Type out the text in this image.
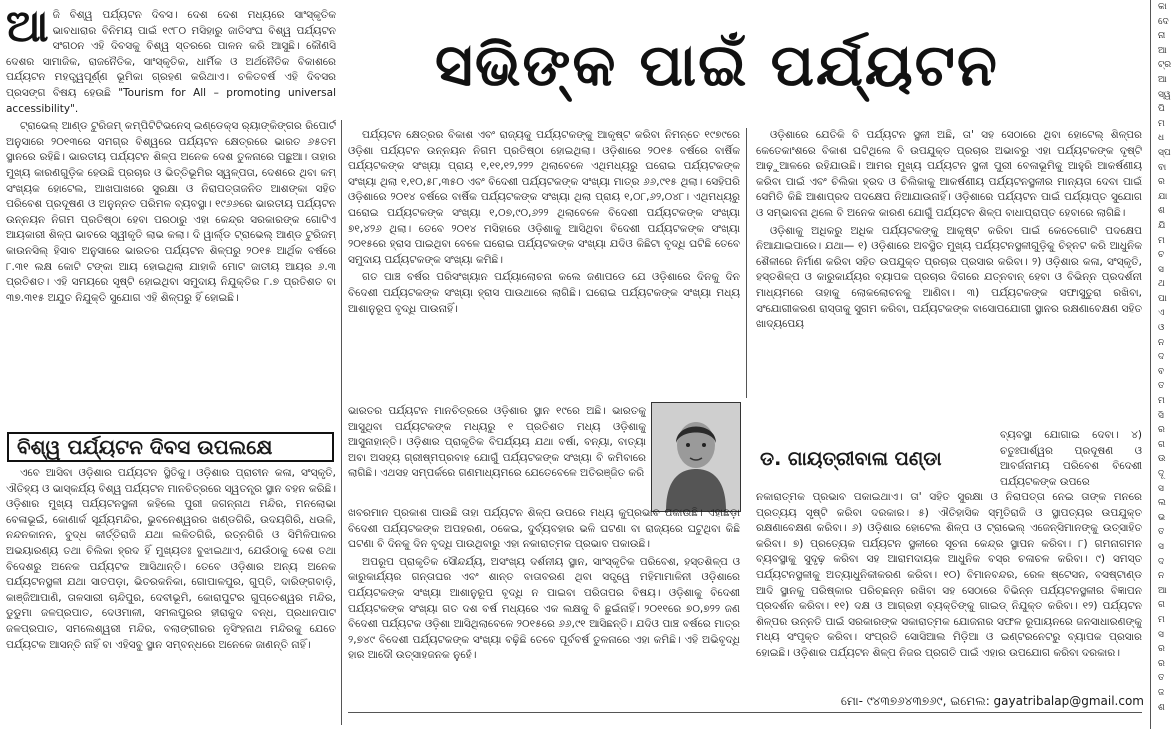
ଆ ଜି ବିଶ୍ୱ ପର୍ଯ୍ୟଟନ ଦିବସ। ଦେଶ ଦେଶ ମଧ୍ୟରେ ସାଂସ୍କୃତିକ ଭାବଧାରାର ବିନିମୟ ପାଇଁ ୧୯୮୦ ମସିହାରୁ ଜାତିସଂଘ ବିଶ୍ୱ ପର୍ଯ୍ୟଟନ ସଂଗଠନ ଏହି ଦିବସକୁ ବିଶ୍ୱ ସ୍ତରରେ ପାଳନ କରି ଆସୁଛି। କୌଣସି ଦେଶର ସାମାଜିକ, ରାଜନୈତିକ, ସାଂସ୍କୃତିକ, ଧାର୍ମିକ ଓ ଅର୍ଥନୈତିକ ବିକାଶରେ ପର୍ଯ୍ୟଟନ ମହତ୍ତ୍ୱପୂର୍ଣ୍ଣ ଭୂମିକା ଗ୍ରହଣ କରିଥାଏ। ଚଳିତବର୍ଷ ଏହି ଦିବସର ପ୍ରସଙ୍ଗ ବିଷୟ ହେଉଛି "Tourism for All – promoting universal accessibility".

ଟ୍ରାଭେଲ୍ ଆଣ୍ଡ ଟୁରିଜମ୍ କମ୍ପିଟିଟିଭନେସ୍ ଇଣ୍ଡେକ୍ସ ର୍‍ୟାଙ୍କିଙ୍ଗର ରିପୋର୍ଟ ଅନୁସାରେ ୨୦୧୩ରେ ସମଗ୍ର ବିଶ୍ୱରେ ପର୍ଯ୍ୟଟନ କ୍ଷେତ୍ରରେ ଭାରତ ୬୫ତମ ସ୍ଥାନରେ ରହିଛି। ଭାରତୀୟ ପର୍ଯ୍ୟଟନ ଶିଳ୍ପ ଅନେକ ଦେଶ ତୁଳନାରେ ପଛୁଆ। ତାହାର ମୁଖ୍ୟ କାରଣଗୁଡ଼ିକ ହେଉଛି ପ୍ରଚାର ଓ ଭିତ୍ତିଭୂମିର ସ୍ୱଳ୍ପତା, ଦେଶରେ ଥିବା କମ୍ ସଂଖ୍ୟକ ହୋଟେଲ, ଆଖପାଖରେ ସୁରକ୍ଷା ଓ ନିରାପତ୍ତାଜନିତ ଆଶଙ୍କା ସହିତ ପରିବେଶ ପ୍ରଦୂଷଣ ଓ ଅନୁନ୍ନତ ପରିମଳ ବ୍ୟବସ୍ଥା। ୧୯୬୬ରେ ଭାରତୀୟ ପର୍ଯ୍ୟଟନ ଉନ୍ନୟନ ନିଗମ ପ୍ରତିଷ୍ଠା ହେବା ପରଠାରୁ ଏହା କେନ୍ଦ୍ର ସରକାରଙ୍କ ଗୋଟିଏ ଆୟକାରୀ ଶିଳ୍ପ ଭାବରେ ସ୍ୱୀକୃତି ଲାଭ କଲା। ଦି ୱାର୍ଲ୍ଡ ଟ୍ରାଭେଲ୍ ଆଣ୍ଡ ଟୁରିଜମ୍ କାଉନସିଲ୍ ହିସାବ ଅନୁସାରେ ଭାରତର ପର୍ଯ୍ୟଟନ ଶିଳ୍ପରୁ ୨୦୧୫ ଆର୍ଥିକ ବର୍ଷରେ ୮.୩୧ ଲକ୍ଷ କୋଟି ଟଙ୍କା ଆୟ ହୋଇଥିଲା ଯାହାକି ମୋଟ ଜାତୀୟ ଆୟର ୬.୩ ପ୍ରତିଶତ। ଏହି ସମୟରେ ସୃଷ୍ଟି ହୋଇଥିବା ସମୁଦାୟ ନିଯୁକ୍ତିର ୮.୭ ପ୍ରତିଶତ ବା ୩୭.୩୧୫ ଅଯୁତ ନିଯୁକ୍ତି ସୁଯୋଗ ଏହି ଶିଳ୍ପରୁ ହିଁ ହୋଇଛି।

ବିଶ୍ୱ ପର୍ଯ୍ୟଟନ ଦିବସ ଉପଲକ୍ଷେ

ଏବେ ଆସିବା ଓଡ଼ିଶାର ପର୍ଯ୍ୟଟନ ସ୍ଥିତିକୁ। ଓଡ଼ିଶାର ପ୍ରାଚୀନ କଳା, ସଂସ୍କୃତି, ଐତିହ୍ୟ ଓ ଭାସ୍କର୍ଯ୍ୟ ବିଶ୍ୱ ପର୍ଯ୍ୟଟନ ମାନଚିତ୍ରରେ ସ୍ୱତନ୍ତ୍ର ସ୍ଥାନ ବହନ କରିଛି। ଓଡ଼ିଶାର ମୁଖ୍ୟ ପର୍ଯ୍ୟଟନସ୍ଥଳୀ କହିଲେ ପୁରୀ ଜଗନ୍ନାଥ ମନ୍ଦିର, ମନଲୋଭା ବେଳାଭୂଇଁ, କୋଣାର୍କ ସୂର୍ଯ୍ୟମନ୍ଦିର, ଭୁବନେଶ୍ୱରର ଖଣ୍ଡଗିରି, ଉଦୟଗିରି, ଧଉଳି, ନନ୍ଦନକାନନ, ବୁଦ୍ଧ କୀର୍ତ୍ତିରାଜି ଯଥା ଲଳିତଗିରି, ରତ୍ନଗିରି ଓ ସିମିଳିପାଳର ଅଭୟାରଣ୍ୟ ତଥା ଚିଲିକା ହ୍ରଦ ହିଁ ମୁଖ୍ୟତଃ ବୁଝାଇଥାଏ, ଯେଉଁଠାକୁ ଦେଶ ତଥା ବିଦେଶରୁ ଅନେକ ପର୍ଯ୍ୟଟକ ଆସିଥାନ୍ତି। ତେବେ ଓଡ଼ିଶାର ଅନ୍ୟ ଅନେକ ପର୍ଯ୍ୟଟନସ୍ଥଳୀ ଯଥା ସାତପଡ଼ା, ଭିତରକନିକା, ଗୋପାଳପୁର, ଗୁପ୍ତି, ଦାରିଙ୍ଗବାଡ଼ି, କାଞ୍ଜିଆପାଣି, ତାଳସାରୀ ଚାନ୍ଦିପୁର, ଦେବୀଭୂମି, କୋରାପୁଟର ଗୁପ୍ତେଶ୍ୱର ମନ୍ଦିର, ଡୁଡୁମା ଜଳପ୍ରପାତ, ଦେଓମାଳୀ, ସମଲପୁରର ହୀରାକୁଦ ବନ୍ଧ, ପ୍ରଧାନପାଟ ଜଳପ୍ରପାତ, ସମଲେଶ୍ୱରୀ ମନ୍ଦିର, ବଲାଙ୍ଗୀରର ନୃସିଂହନାଥ ମନ୍ଦିରକୁ ଯେତେ ପର୍ଯ୍ୟଟକ ଆସନ୍ତି ନାହିଁ ବା ଏହିସବୁ ସ୍ଥାନ ସମ୍ବନ୍ଧରେ ଅନେକେ ଜାଣନ୍ତି ନାହିଁ।

ସଭିଙ୍କ ପାଇଁ ପର୍ଯ୍ୟଟନ

ପର୍ଯ୍ୟଟନ କ୍ଷେତ୍ରର ବିକାଶ ଏବଂ ରାଜ୍ୟକୁ ପର୍ଯ୍ୟଟକଙ୍କୁ ଆକୃଷ୍ଟ କରିବା ନିମନ୍ତେ ୧୯୭୯ରେ ଓଡ଼ିଶା ପର୍ଯ୍ୟଟନ ଉନ୍ନୟନ ନିଗମ ପ୍ରତିଷ୍ଠା ହୋଇଥିଲା। ଓଡ଼ିଶାରେ ୨୦୧୫ ବର୍ଷରେ ବାର୍ଷିକ ପର୍ଯ୍ୟଟକଙ୍କ ସଂଖ୍ୟା ପ୍ରାୟ ୧,୧୧,୧୨,୨୨୨ ଥିଲାବେଳେ ଏଥିମଧ୍ୟରୁ ଘରୋଇ ପର୍ଯ୍ୟଟକଙ୍କ ସଂଖ୍ୟା ଥିଲା ୧,୧୦,୫୮,୩୫୦ ଏବଂ ବିଦେଶୀ ପର୍ଯ୍ୟଟକଙ୍କ ସଂଖ୍ୟା ମାତ୍ର ୬୬,୯୧୫ ଥିଲା। ସେହିପରି ଓଡ଼ିଶାରେ ୨୦୧୪ ବର୍ଷରେ ବାର୍ଷିକ ପର୍ଯ୍ୟଟକଙ୍କ ସଂଖ୍ୟା ଥିଲା ପ୍ରାୟ ୧,୦୮,୬୨,୦୪୮। ଏଥିମଧ୍ୟରୁ ଘରୋଇ ପର୍ଯ୍ୟଟକଙ୍କ ସଂଖ୍ୟା ୧,୦୭,୯୦,୬୨୨ ଥିଲାବେଳେ ବିଦେଶୀ ପର୍ଯ୍ୟଟକଙ୍କ ସଂଖ୍ୟା ୭୧,୪୨୬ ଥିଲା। ତେବେ ୨୦୧୪ ମସିହାରେ ଓଡ଼ିଶାକୁ ଆସିଥିବା ବିଦେଶୀ ପର୍ଯ୍ୟଟକଙ୍କ ସଂଖ୍ୟା ୨୦୧୫ରେ ହ୍ରାସ ପାଇଥିବା ବେଳେ ଘରୋଇ ପର୍ଯ୍ୟଟକଙ୍କ ସଂଖ୍ୟା ଯଦିଓ କିଛିଟା ବୃଦ୍ଧି ଘଟିଛି ତେବେ ସମୁଦାୟ ପର୍ଯ୍ୟଟକଙ୍କ ସଂଖ୍ୟା କମିଛି।

ଗତ ପାଞ୍ଚ ବର୍ଷର ପରିସଂଖ୍ୟାନ ପର୍ଯ୍ୟାଲୋଚନା କଲେ ଜଣାପଡେ ଯେ ଓଡ଼ିଶାରେ ଦିନକୁ ଦିନ ବିଦେଶୀ ପର୍ଯ୍ୟଟକଙ୍କ ସଂଖ୍ୟା ହ୍ରାସ ପାଉଥାରେ ଲାଗିଛି। ଘରୋଇ ପର୍ଯ୍ୟଟକଙ୍କ ସଂଖ୍ୟା ମଧ୍ୟ ଆଶାନୁରୂପ ବୃଦ୍ଧି ପାଉନାହିଁ।

ଭାରତର ପର୍ଯ୍ୟଟନ ମାନଚିତ୍ରରେ ଓଡ଼ିଶାର ସ୍ଥାନ ୧୯ରେ ଅଛି। ଭାରତକୁ ଆସୁଥିବା ପର୍ଯ୍ୟଟକଙ୍କ ମଧ୍ୟରୁ ୧ ପ୍ରତିଶତ ମଧ୍ୟ ଓଡ଼ିଶାକୁ ଆସୁନାହାନ୍ତି। ଓଡ଼ିଶାର ପ୍ରାକୃତିକ ବିପର୍ଯ୍ୟୟ ଯଥା ବର୍ଷା, ବନ୍ୟା, ବାତ୍ୟା ଅବା ଅସହ୍ୟ ଗ୍ରୀଷ୍ମପ୍ରବାହ ଯୋଗୁଁ ପର୍ଯ୍ୟଟକଙ୍କ ସଂଖ୍ୟା ବି କମିବାରେ ଲାଗିଛି। ଏଥସହ ସମ୍ପର୍କରେ ଗଣମାଧ୍ୟମରେ ଯେତେବେଳେ ଅତିରଞ୍ଜିତ କରି

ଡ. ଗାୟତ୍ରୀବାଳା ପଣ୍ଡା

ଖବରମାନ ପ୍ରକାଶ ପାଉଛି ତାହା ପର୍ଯ୍ୟଟନ ଶିଳ୍ପ ଉପରେ ମଧ୍ୟ କୁପ୍ରଭାବ ପକାଉଛି। ଏହାଛଡ଼ା ବିଦେଶୀ ପର୍ଯ୍ୟଟକଙ୍କ ଅପହରଣ, ଠକେଇ, ଦୁର୍ବ୍ୟବହାର ଭଳି ଘଟଣା ବା ରାଜ୍ୟରେ ଘଟୁଥିବା କିଛି ଘଟଣା ବି ଦିନକୁ ଦିନ ବୃଦ୍ଧି ପାଉଥିବାରୁ ଏହା ନକାରାତ୍ମକ ପ୍ରଭାବ ପକାଉଛି।

ଅପରୂପ ପ୍ରାକୃତିକ ସୌନ୍ଦର୍ଯ୍ୟ, ଅସଂଖ୍ୟ ଦର୍ଶନୀୟ ସ୍ଥାନ, ସାଂସ୍କୃତିକ ପରିବେଶ, ହସ୍ତଶିଳ୍ପ ଓ କାରୁକାର୍ଯ୍ୟର ଗନ୍ତାଘର ଏବଂ ଶାନ୍ତ ବାତାବରଣ ଥିବା ସତ୍ତ୍ୱେ ମହିମାମାଳିନୀ ଓଡ଼ିଶାରେ ପର୍ଯ୍ୟଟକଙ୍କ ସଂଖ୍ୟା ଆଶାନୁରୂପ ବୃଦ୍ଧି ନ ପାଇବା ପରିତାପର ବିଷୟ। ଓଡ଼ିଶାକୁ ବିଦେଶୀ ପର୍ଯ୍ୟଟକଙ୍କ ସଂଖ୍ୟା ଗତ ଦଶ ବର୍ଷ ମଧ୍ୟରେ ଏକ ଲକ୍ଷକୁ ବି ଛୁଇଁନାହିଁ। ୨୦୧୧ରେ ୭୦,୭୨୨ ଜଣ ବିଦେଶୀ ପର୍ଯ୍ୟଟକ ଓଡ଼ିଶା ଆସିଥିଲାବେଳେ ୨୦୧୫ରେ ୬୬,୯୧ ଆସିଛନ୍ତି। ଯଦିଓ ପାଞ୍ଚ ବର୍ଷରେ ମାତ୍ର ୨,୭୪୯ ବିଦେଶୀ ପର୍ଯ୍ୟଟକଙ୍କ ସଂଖ୍ୟା ବଢ଼ିଛି ତେବେ ପୂର୍ବବର୍ଷ ତୁଳନାରେ ଏହା କମିଛି। ଏହି ଅଭିବୃଦ୍ଧି ହାର ଆଦୌ ଉତ୍ସାହଜନକ ନୁହେଁ।

ଓଡ଼ିଶାରେ ଯେତିକି ବି ପର୍ଯ୍ୟଟନ ସ୍ଥଳୀ ଅଛି, ତା' ସହ ସେଠାରେ ଥିବା ହୋଟେଲ୍ ଶିଳ୍ପର କେତେକାଂଶରେ ବିକାଶ ଘଟିଥିଲେ ବି ଉପଯୁକ୍ତ ପ୍ରଚାର ଅଭାବରୁ ଏହା ପର୍ଯ୍ୟଟକଙ୍କ ଦୃଷ୍ଟି ଆଢ଼ୁଆଳରେ ରହିଯାଉଛି। ଆମର ମୁଖ୍ୟ ପର୍ଯ୍ୟଟନ ସ୍ଥଳୀ ପୁରୀ ବେଳାଭୂମିକୁ ଆହୁରି ଆକର୍ଷଣୀୟ କରିବା ପାଇଁ ଏବଂ ଚିଲିକା ହ୍ରଦ ଓ ଚିଲିକାକୁ ଆକର୍ଷଣୀୟ ପର୍ଯ୍ୟଟନସ୍ଥଳୀର ମାନ୍ୟତା ଦେବା ପାଇଁ ସେମିତି କିଛି ଆଶାପ୍ରଦ ପଦକ୍ଷେପ ନିଆଯାଉନାହିଁ। ଓଡ଼ିଶାରେ ପର୍ଯ୍ୟଟନ ପାଇଁ ପର୍ଯ୍ୟାପ୍ତ ସୁଯୋଗ ଓ ସମ୍ଭାବନା ଥିଲେ ବି ଅନେକ କାରଣ ଯୋଗୁଁ ପର୍ଯ୍ୟଟନ ଶିଳ୍ପ ବାଧାପ୍ରାପ୍ତ ହେବାରେ ଲାଗିଛି।

ଓଡ଼ିଶାକୁ ଅଧିକରୁ ଅଧିକ ପର୍ଯ୍ୟଟକଙ୍କୁ ଆକୃଷ୍ଟ କରିବା ପାଇଁ କେତେଗୋଟି ପଦକ୍ଷେପ ନିଆଯାଇପାରେ। ଯଥା— ୧) ଓଡ଼ିଶାରେ ଅବସ୍ଥିତ ମୁଖ୍ୟ ପର୍ଯ୍ୟଟନସ୍ଥଳୀଗୁଡ଼ିକୁ ଚିହ୍ନଟ କରି ଆଧୁନିକ ଶୈଳୀରେ ନିର୍ମାଣ କରିବା ସହିତ ଉପଯୁକ୍ତ ପ୍ରଚାର ପ୍ରସାର କରିବା। ୨) ଓଡ଼ିଶାର କଳା, ସଂସ୍କୃତି, ହସ୍ତଶିଳ୍ପ ଓ କାରୁକାର୍ଯ୍ୟର ବ୍ୟାପକ ପ୍ରଚାର ଦିଗରେ ଯତ୍ନବାନ୍ ହେବା ଓ ବିଭିନ୍ନ ପ୍ରଦର୍ଶନୀ ମାଧ୍ୟମରେ ତାହାକୁ ଲୋକଲୋଚନକୁ ଆଣିବା। ୩) ପର୍ଯ୍ୟଟକଙ୍କ ସଫାସୁତୁରା ରଖିବା, ସଂଯୋଗୀକରଣ ରାସ୍ତାକୁ ସୁଗମ କରିବା, ପର୍ଯ୍ୟଟକଙ୍କ ବାସୋପଯୋଗୀ ସ୍ଥାନର ରକ୍ଷଣାବେକ୍ଷଣ ସହିତ ଖାଦ୍ୟପେୟ

ବ୍ୟବସ୍ଥା ଯୋଗାଇ ଦେବା। ୪) ଚତୁଃପାର୍ଶ୍ୱର ପ୍ରଦୂଷଣ ଓ ଆବର୍ଜନାମୟ ପରିବେଶ ବିଦେଶୀ ପର୍ଯ୍ୟଟକଙ୍କ ଉପରେ

ନକାରାତ୍ମକ ପ୍ରଭାବ ପକାଇଥାଏ। ତା' ସହିତ ସୁରକ୍ଷା ଓ ନିରାପତ୍ତା ନେଇ ତାଙ୍କ ମନରେ ପ୍ରତ୍ୟୟ ସୃଷ୍ଟି କରିବା ଦରକାର। ୫) ଐତିହାସିକ ସ୍ମୃତିରାଜି ଓ ସ୍ଥାପତ୍ୟର ଉପଯୁକ୍ତ ରକ୍ଷଣାବେକ୍ଷଣ କରିବା। ୬) ଓଡ଼ିଶାର ହୋଟେଲ ଶିଳ୍ପ ଓ ଟ୍ରାଭେଲ୍ ଏଜେନ୍ସିମାନଙ୍କୁ ଉତ୍ସାହିତ କରିବା। ୭) ପ୍ରତ୍ୟେକ ପର୍ଯ୍ୟଟନ ସ୍ଥଳୀରେ ସୂଚନା କେନ୍ଦ୍ର ସ୍ଥାପନ କରିବା। ୮) ଗମନାଗମନ ବ୍ୟବସ୍ଥାକୁ ସୁଦୃଢ଼ କରିବା ସହ ଆରାମଦାୟକ ଆଧୁନିକ ବସ୍‌ର ଚଳାଚଳ କରିବା। ୯) ସମସ୍ତ ପର୍ଯ୍ୟଟନସ୍ଥଳୀକୁ ଅତ୍ୟାଧୁନିକୀକରଣ କରିବା। ୧୦) ବିମାନବନ୍ଦର, ରେଳ ଷ୍ଟେସନ, ବସଷ୍ଟାଣ୍ଡ ଆଦି ସ୍ଥାନକୁ ପରିଷ୍କାର ପରିଚ୍ଛନ୍ନ ରଖିବା ସହ ସେଠାରେ ବିଭିନ୍ନ ପର୍ଯ୍ୟଟନସ୍ଥଳୀର ବିଜ୍ଞାପନ ପ୍ରଦର୍ଶନ କରିବା। ୧୧) ଦକ୍ଷ ଓ ଆଗ୍ରହୀ ବ୍ୟକ୍ତିଙ୍କୁ ଗାଇଡ୍ ନିଯୁକ୍ତ କରିବା। ୧୨) ପର୍ଯ୍ୟଟନ ଶିଳ୍ପର ଉନ୍ନତି ପାଇଁ ସରକାରଙ୍କ ସକାରାତ୍ମକ ଯୋଜନାର ସଫଳ ରୂପାୟନରେ ଜନସାଧାରଣଙ୍କୁ ମଧ୍ୟ ସଂପୃକ୍ତ କରିବା। ସଂପ୍ରତି ସୋସିଆଲ ମିଡ଼ିଆ ଓ ଇଣ୍ଟରନେଟରୁ ବ୍ୟାପକ ପ୍ରସାର ହୋଇଛି। ଓଡ଼ିଶାର ପର୍ଯ୍ୟଟନ ଶିଳ୍ପ ନିଜର ପ୍ରଗତି ପାଇଁ ଏହାର ଉପଯୋଗ କରିବା ଦରକାର।

ମୋ- ୯୪୩୭୬୪୩୭୬୯, ଇମେଲ: gayatribalap@gmail.com
କା
ଦେ
ନା
ଆ
ଟ୍ର
ଆ
ସ୍ୱ
ପି
ମ
ଧ
ସ୍ପ
ବା
ର
ଯା
ଶ
ଯି
ମ
ଚ
ସ
ଥ
ପା
ଏ
ଓ
ନ
ଦ
ବ
ତ
ମ
ସି
ର
ଗ
ଉ
ଦୂ
ସ
ଲ
ଭ
ତ
ସ
ଦ
ନ
ଆ
ଗ
ମ
ସ
ର
ର
ତ
ଜ
ଶ
